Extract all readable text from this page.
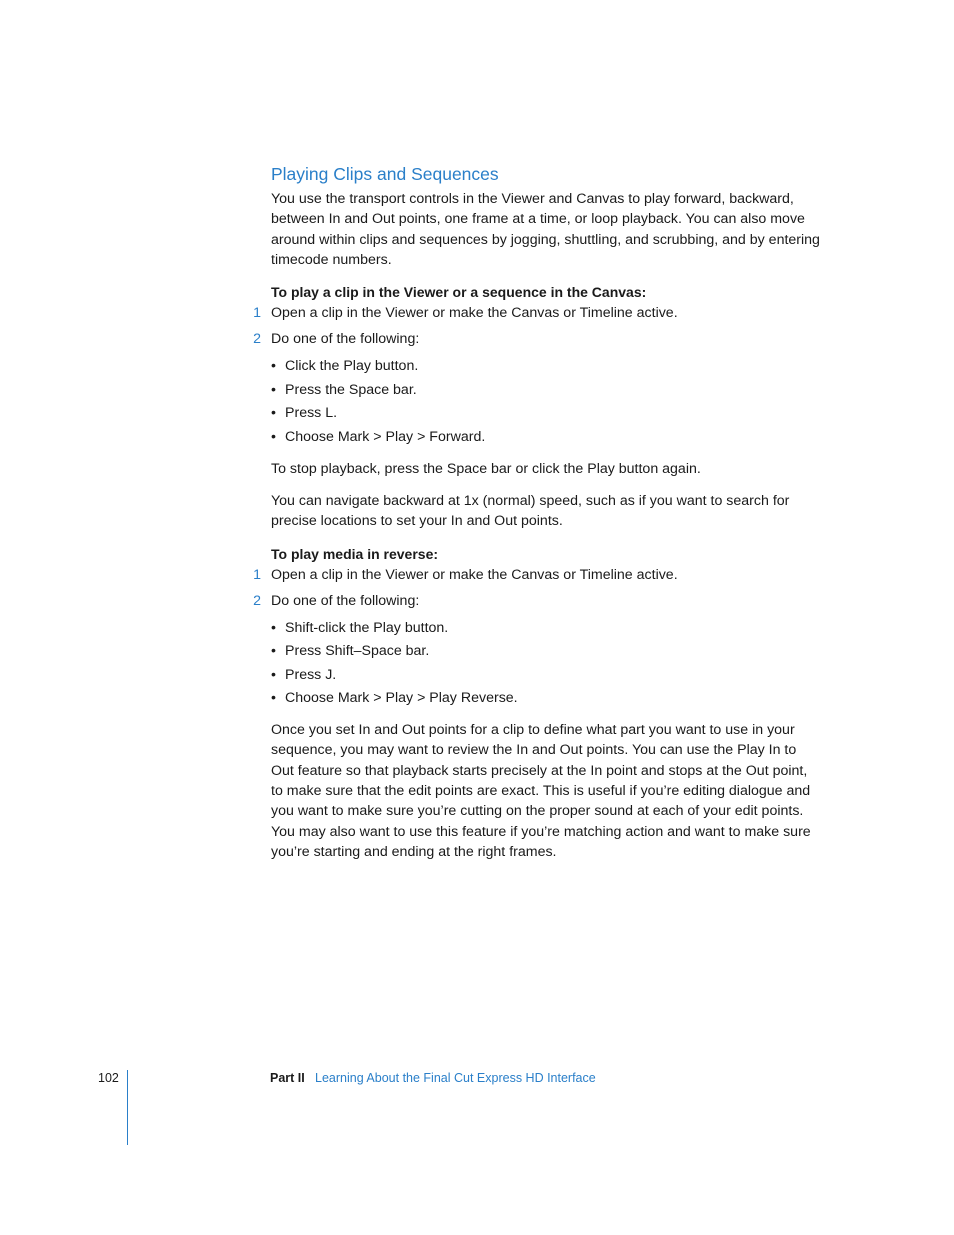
Playing Clips and Sequences

You use the transport controls in the Viewer and Canvas to play forward, backward, between In and Out points, one frame at a time, or loop playback. You can also move around within clips and sequences by jogging, shuttling, and scrubbing, and by entering timecode numbers.

To play a clip in the Viewer or a sequence in the Canvas:
1 Open a clip in the Viewer or make the Canvas or Timeline active.
2 Do one of the following:
• Click the Play button.
• Press the Space bar.
• Press L.
• Choose Mark > Play > Forward.

To stop playback, press the Space bar or click the Play button again.

You can navigate backward at 1x (normal) speed, such as if you want to search for precise locations to set your In and Out points.

To play media in reverse:
1 Open a clip in the Viewer or make the Canvas or Timeline active.
2 Do one of the following:
• Shift-click the Play button.
• Press Shift–Space bar.
• Press J.
• Choose Mark > Play > Play Reverse.

Once you set In and Out points for a clip to define what part you want to use in your sequence, you may want to review the In and Out points. You can use the Play In to Out feature so that playback starts precisely at the In point and stops at the Out point, to make sure that the edit points are exact. This is useful if you’re editing dialogue and you want to make sure you’re cutting on the proper sound at each of your edit points. You may also want to use this feature if you’re matching action and want to make sure you’re starting and ending at the right frames.

102	Part II Learning About the Final Cut Express HD Interface
